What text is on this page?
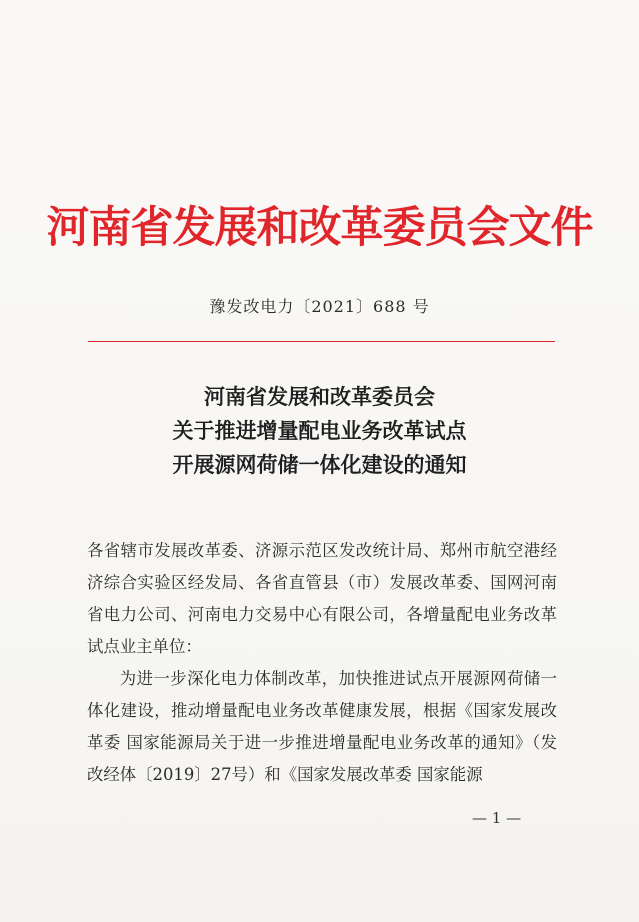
河南省发展和改革委员会文件
豫发改电力〔2021〕688 号
河南省发展和改革委员会
关于推进增量配电业务改革试点
开展源网荷储一体化建设的通知

各省辖市发展改革委、济源示范区发改统计局、郑州市航空港经济综合实验区经发局、各省直管县（市）发展改革委、国网河南省电力公司、河南电力交易中心有限公司，各增量配电业务改革试点业主单位：

为进一步深化电力体制改革，加快推进试点开展源网荷储一体化建设，推动增量配电业务改革健康发展，根据《国家发展改革委 国家能源局关于进一步推进增量配电业务改革的通知》（发改经体〔2019〕27号）和《国家发展改革委 国家能源

— 1 —
